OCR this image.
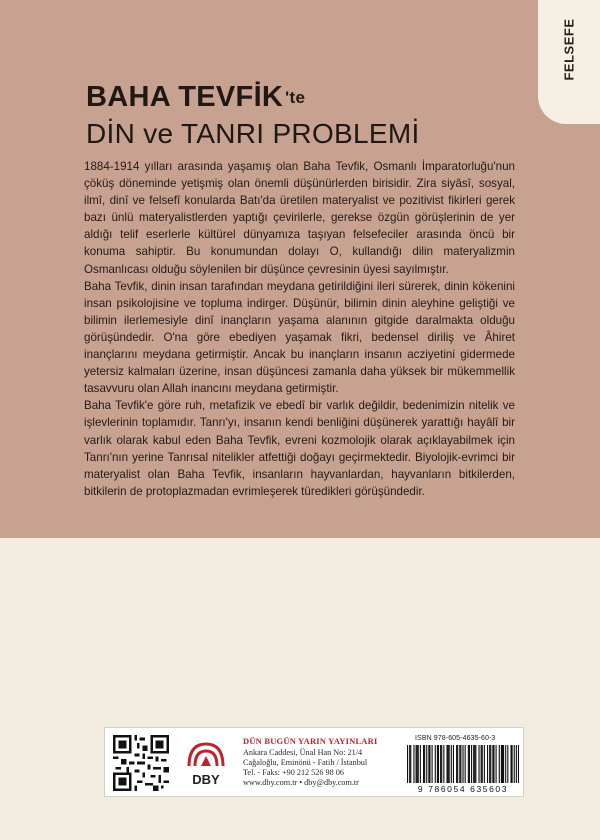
FELSEFE
BAHA TEVFİK 'te
DİN ve TANRI PROBLEMİ

1884-1914 yılları arasında yaşamış olan Baha Tevfik, Osmanlı İmparatorluğu'nun çöküş döneminde yetişmiş olan önemli düşünürlerden birisidir. Zira siyâsî, sosyal, ilmî, dinî ve felsefî konularda Batı'da üretilen materyalist ve pozitivist fikirleri gerek bazı ünlü materyalistlerden yaptığı çevirilerle, gerekse özgün görüşlerinin de yer aldığı telif eserlerle kültürel dünyamıza taşıyan felsefeciler arasında öncü bir konuma sahiptir. Bu konumundan dolayı O, kullandığı dilin materyalizmin Osmanlıcası olduğu söylenilen bir düşünce çevresinin üyesi sayılmıştır.

Baha Tevfik, dinin insan tarafından meydana getirildiğini ileri sürerek, dinin kökenini insan psikolojisine ve topluma indirger. Düşünür, bilimin dinin aleyhine geliştiği ve bilimin ilerlemesiyle dinî inançların yaşama alanının gitgide daralmakta olduğu görüşündedir. O'na göre ebediyen yaşamak fikri, bedensel diriliş ve Âhiret inançlarını meydana getirmiştir. Ancak bu inançların insanın acziyetini gidermede yetersiz kalmaları üzerine, insan düşüncesi zamanla daha yüksek bir mükemmellik tasavvuru olan Allah inancını meydana getirmiştir.

Baha Tevfik'e göre ruh, metafizik ve ebedî bir varlık değildir, bedenimizin nitelik ve işlevlerinin toplamıdır. Tanrı'yı, insanın kendi benliğini düşünerek yarattığı hayâlî bir varlık olarak kabul eden Baha Tevfik, evreni kozmolojik olarak açıklayabilmek için Tanrı'nın yerine Tanrısal nitelikler atfettiği doğayı geçirmektedir. Biyolojik-evrimci bir materyalist olan Baha Tevfik, insanların hayvanlardan, hayvanların bitkilerden, bitkilerin de protoplazmadan evrimleşerek türedikleri görüşündedir.

DBY
DÜN BUGÜN YARIN YAYINLARI
Ankara Caddesi, Ünal Han No: 21/4
Cağaloğlu, Eminönü - Fatih / İstanbul
Tel. - Faks: +90 212 526 98 06
www.dby.com.tr • dby@dby.com.tr
ISBN 978-605-4635-60-3
9 786054 635603
